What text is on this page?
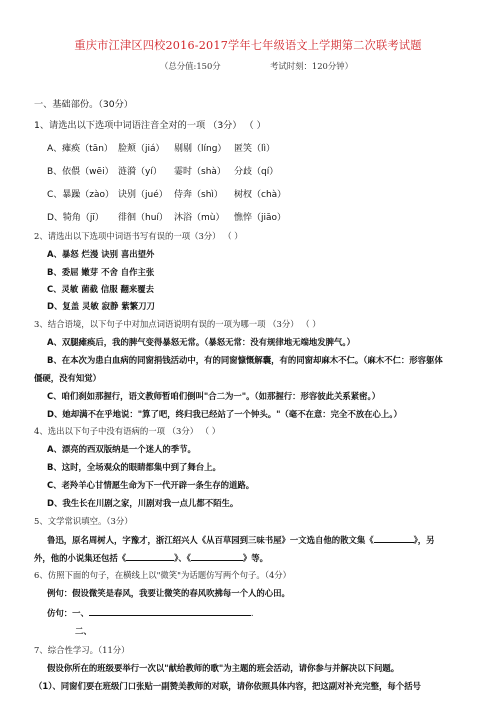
重庆市江津区四校2016-2017学年七年级语文上学期第二次联考试题
（总分值:150分	考试时刻：120分钟）
一、基础部份。（30分）
1、请选出以下选项中词语注音全对的一项 （3分） （ ）
A、瘫痪（tān） 脸颊（jiá） 剔剔（líng） 匿笑（lì）
B、依偎（wēi） 涟漪（yí） 霎时（shà） 分歧（qí）
C、暴躁（zào） 诀别（jué） 侍奔（shì） 树杈（chà）
D、犄角（jī） 徘徊（huí） 沐浴（mù） 憔悴（jiāo）
2、请选出以下选项中词语书写有误的一项（3分） （ ）
A、暴怒 烂漫 诀别 喜出望外
B、委屈 嫩芽 不舍 自作主张
C、灵敏 菌截 信服 翻来覆去
D、复盖 灵敏 寂静 紫繁刀刀
3、结合语境，以下句子中对加点词语说明有误的一项为哪一项 （3分） （ ）
A、双腿瘫痪后，我的脾气变得暴怒无常。（暴怒无常：没有规律地无端地发脾气。）
B、在本次为患白血病的同窗捐钱活动中，有的同窗慷慨解囊，有的同窗却麻木不仁。（麻木不仁：形容躯体
僵硬，没有知觉）
C、咱们刹如那握行，语文教师暂咱们倒叫"合二为一"。（如那握行：形容彼此关系紧密。）
D、她却满不在乎地说："算了吧，终归我已经站了一个钟头。"（毫不在意：完全不放在心上。）
4、选出以下句子中没有语病的一项 （3分） （ ）
A、漂亮的西双版纳是一个迷人的季节。
B、这时，全场观众的眼睛都集中到了舞台上。
C、老羚羊心甘情愿生命为下一代开辟一条生存的道路。
D、我生长在川剧之家，川剧对我一点儿都不陌生。
5、文学常识填空。（3分）
鲁迅，原名周树人，字豫才，浙江绍兴人《从百草园到三味书屋》一文选自他的散文集《	》，另
外，他的小说集还包括《	》、《	》等。
6、仿照下面的句子，在横线上以"微笑"为话题仿写两个句子。（4分）
例句：假设微笑是春风，我要让微笑的春风吹拂每一个人的心田。
仿句：一、	.
二、
7、综合性学习。（11分）
假设你所在的班级要举行一次以"献给教师的歌"为主题的班会活动，请你参与并解决以下问题。
（1）、同窗们要在班级门口张贴一副赞美教师的对联，请你依照具体内容，把这副对补充完整，每个括号
